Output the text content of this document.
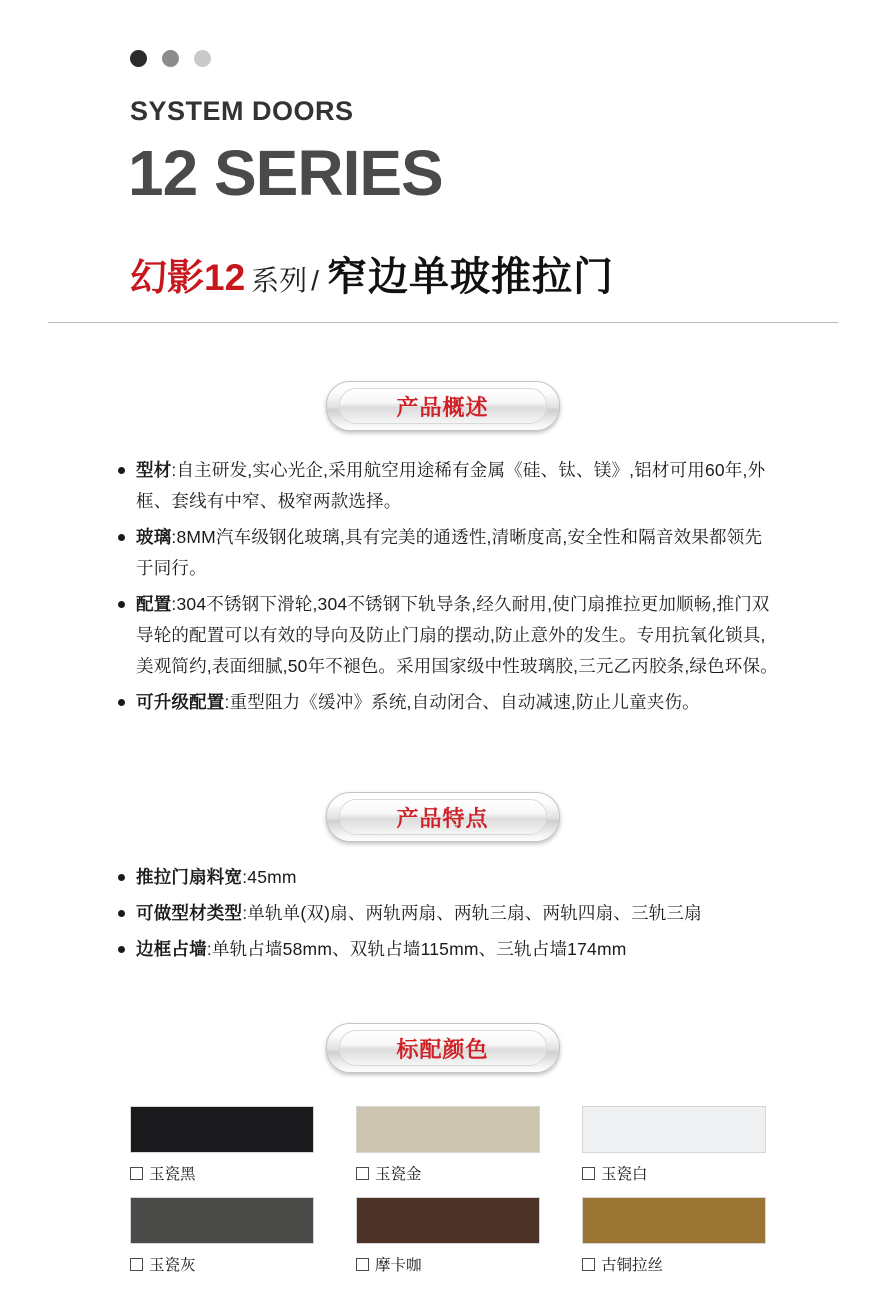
SYSTEM DOORS
12 SERIES
幻影12 系列 / 窄边单玻推拉门
产品概述
型材:自主研发,实心光企,采用航空用途稀有金属《硅、钛、镁》,铝材可用60年,外框、套线有中窄、极窄两款选择。
玻璃:8MM汽车级钢化玻璃,具有完美的通透性,清晰度高,安全性和隔音效果都领先于同行。
配置:304不锈钢下滑轮,304不锈钢下轨导条,经久耐用,使门扇推拉更加顺畅,推门双导轮的配置可以有效的导向及防止门扇的摆动,防止意外的发生。专用抗氧化锁具,美观简约,表面细腻,50年不褪色。采用国家级中性玻璃胶,三元乙丙胶条,绿色环保。
可升级配置:重型阻力《缓冲》系统,自动闭合、自动减速,防止儿童夹伤。
产品特点
推拉门扇料宽:45mm
可做型材类型:单轨单(双)扇、两轨两扇、两轨三扇、两轨四扇、三轨三扇
边框占墙:单轨占墙58mm、双轨占墙115mm、三轨占墙174mm
标配颜色
玉瓷黑	玉瓷金	玉瓷白
玉瓷灰	摩卡咖	古铜拉丝
